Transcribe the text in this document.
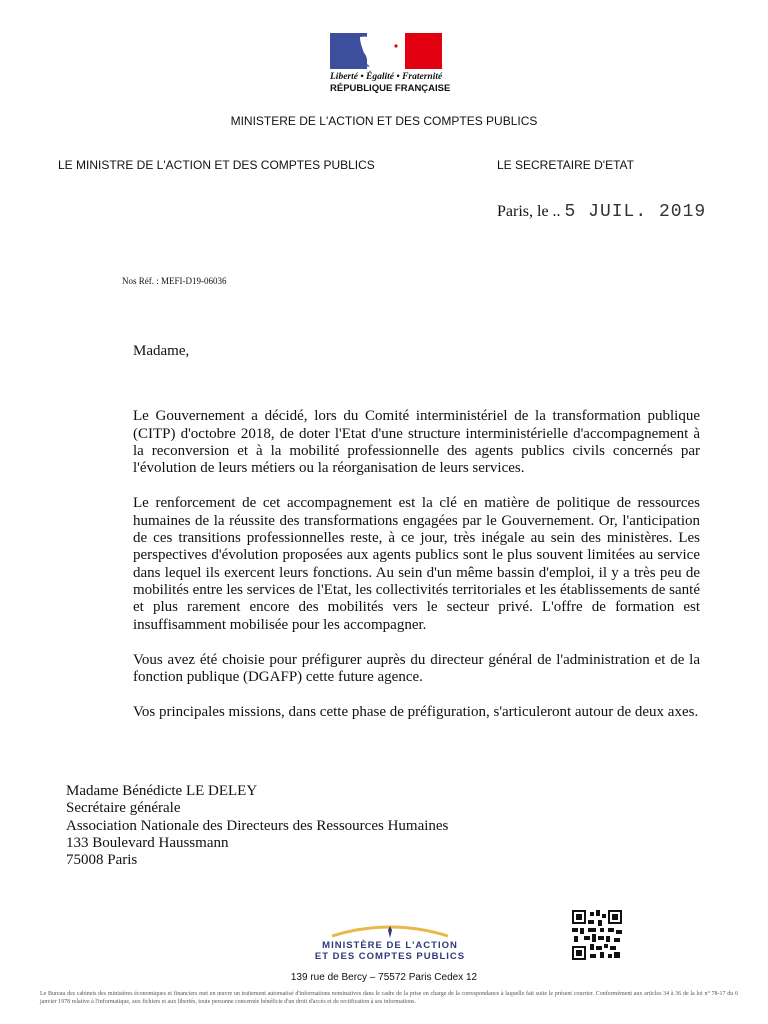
Liberté • Égalité • Fraternité
RÉPUBLIQUE FRANÇAISE
MINISTERE DE L'ACTION ET DES COMPTES PUBLICS
LE MINISTRE DE L'ACTION ET DES COMPTES PUBLICS	LE SECRETAIRE D'ETAT
Paris, le .. 5 JUIL. 2019
Nos Réf. : MEFI-D19-06036

Madame,

Le Gouvernement a décidé, lors du Comité interministériel de la transformation publique (CITP) d'octobre 2018, de doter l'Etat d'une structure interministérielle d'accompagnement à la reconversion et à la mobilité professionnelle des agents publics civils concernés par l'évolution de leurs métiers ou la réorganisation de leurs services.

Le renforcement de cet accompagnement est la clé en matière de politique de ressources humaines de la réussite des transformations engagées par le Gouvernement. Or, l'anticipation de ces transitions professionnelles reste, à ce jour, très inégale au sein des ministères. Les perspectives d'évolution proposées aux agents publics sont le plus souvent limitées au service dans lequel ils exercent leurs fonctions. Au sein d'un même bassin d'emploi, il y a très peu de mobilités entre les services de l'Etat, les collectivités territoriales et les établissements de santé et plus rarement encore des mobilités vers le secteur privé. L'offre de formation est insuffisamment mobilisée pour les accompagner.

Vous avez été choisie pour préfigurer auprès du directeur général de l'administration et de la fonction publique (DGAFP) cette future agence.

Vos principales missions, dans cette phase de préfiguration, s'articuleront autour de deux axes.

Madame Bénédicte LE DELEY
Secrétaire générale
Association Nationale des Directeurs des Ressources Humaines
133 Boulevard Haussmann
75008 Paris
MINISTÈRE DE L'ACTION
ET DES COMPTES PUBLICS
139 rue de Bercy – 75572 Paris Cedex 12
Le Bureau des cabinets des ministères économiques et financiers met en œuvre un traitement automatisé d'informations nominatives dans le cadre de la prise en charge de la correspondance à laquelle fait suite le présent courrier. Conformément aux articles 34 à 36 de la loi n° 78-17 du 6 janvier 1978 relative à l'informatique, aux fichiers et aux libertés, toute personne concernée bénéficie d'un droit d'accès et de rectification à ses informations.
